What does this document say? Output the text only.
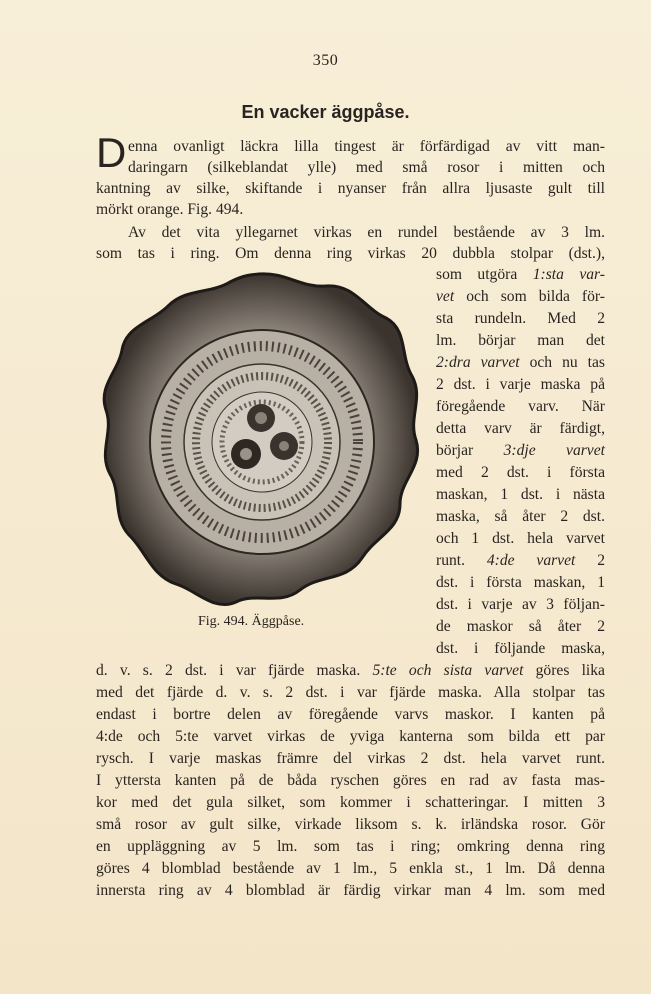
350
En vacker äggpåse.
D enna ovanligt läckra lilla tingest är förfärdigad av vitt man-
daringarn (silkeblandat ylle) med små rosor i mitten och
kantning av silke, skiftande i nyanser från allra ljusaste gult till
mörkt orange. Fig. 494.
Av det vita yllegarnet virkas en rundel bestående av 3 lm.
som tas i ring. Om denna ring virkas 20 dubbla stolpar (dst.),
Fig. 494. Äggpåse.
som utgöra 1:sta var-
vet och som bilda för-
sta rundeln. Med 2
lm. börjar man det
2:dra varvet och nu tas
2 dst. i varje maska på
föregående varv. När
detta varv är färdigt,
börjar 3:dje varvet
med 2 dst. i första
maskan, 1 dst. i nästa
maska, så åter 2 dst.
och 1 dst. hela varvet
runt. 4:de varvet 2
dst. i första maskan, 1
dst. i varje av 3 följan-
de maskor så åter 2
dst. i följande maska,
d. v. s. 2 dst. i var fjärde maska. 5:te och sista varvet göres lika
med det fjärde d. v. s. 2 dst. i var fjärde maska. Alla stolpar tas
endast i bortre delen av föregående varvs maskor. I kanten på
4:de och 5:te varvet virkas de yviga kanterna som bilda ett par
rysch. I varje maskas främre del virkas 2 dst. hela varvet runt.
I yttersta kanten på de båda ryschen göres en rad av fasta mas-
kor med det gula silket, som kommer i schatteringar. I mitten 3
små rosor av gult silke, virkade liksom s. k. irländska rosor. Gör
en uppläggning av 5 lm. som tas i ring; omkring denna ring
göres 4 blomblad bestående av 1 lm., 5 enkla st., 1 lm. Då denna
innersta ring av 4 blomblad är färdig virkar man 4 lm. som med
